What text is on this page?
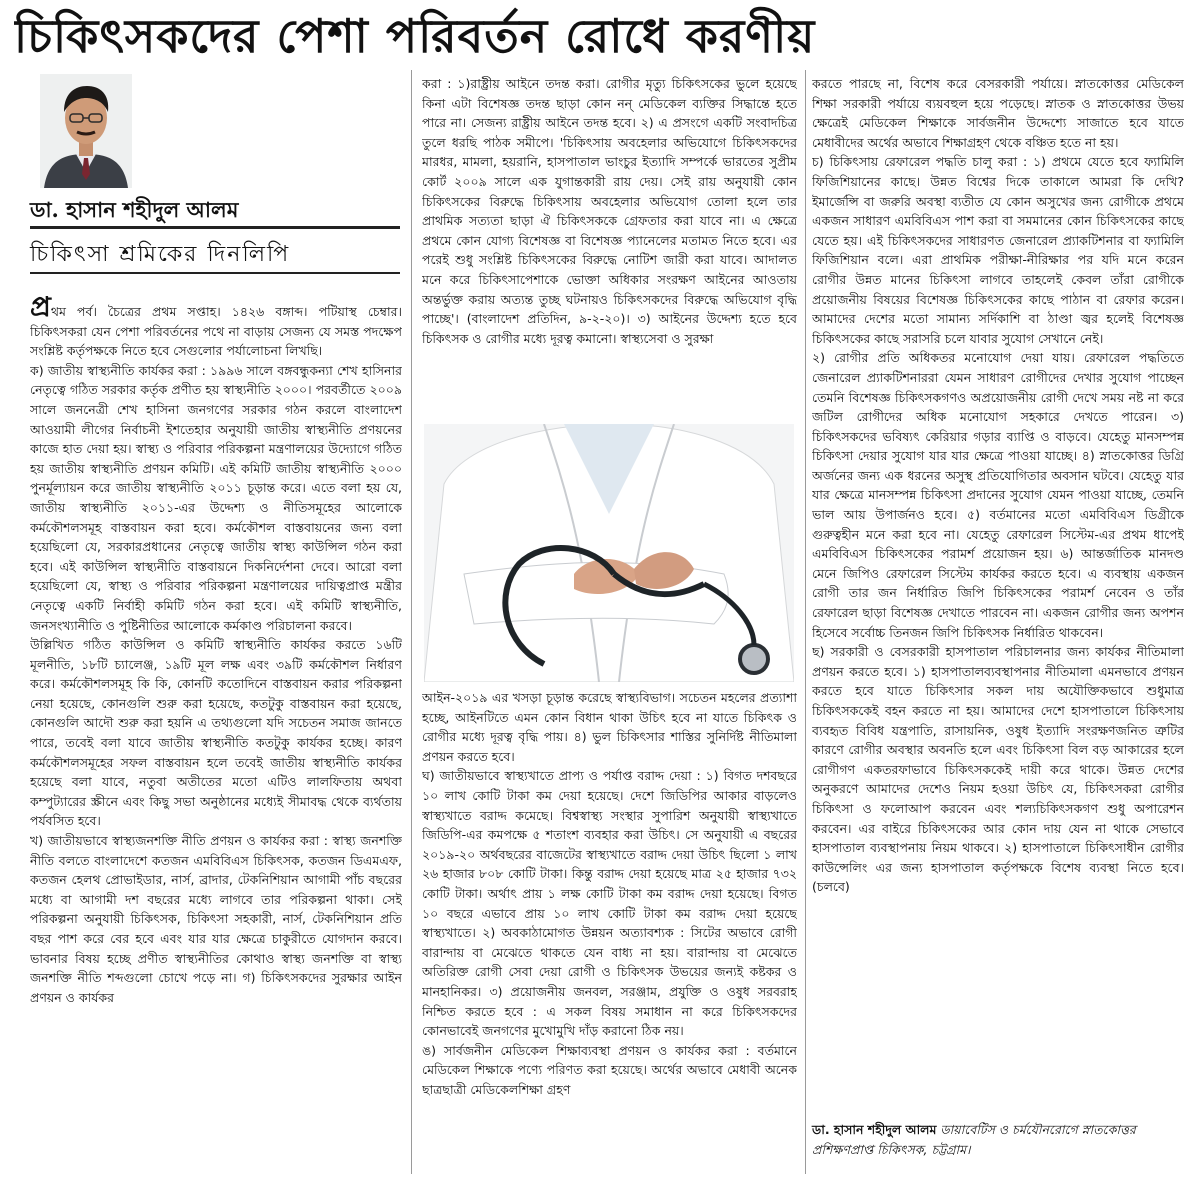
চিকিৎসকদের পেশা পরিবর্তন রোধে করণীয়
ডা. হাসান শহীদুল আলম
চিকিৎসা শ্রমিকের দিনলিপি

প্রথম পর্ব। চৈত্রের প্রথম সপ্তাহ। ১৪২৬ বঙ্গাব্দ। পটিয়াস্থ চেম্বার। চিকিৎসকরা যেন পেশা পরিবর্তনের পথে না বাড়ায় সেজন্য যে সমস্ত পদক্ষেপ সংশ্লিষ্ট কর্তৃপক্ষকে নিতে হবে সেগুলোর পর্যালোচনা লিখছি।

ক) জাতীয় স্বাস্থ্যনীতি কার্যকর করা : ১৯৯৬ সালে বঙ্গবন্ধুকন্যা শেখ হাসিনার নেতৃত্বে গঠিত সরকার কর্তৃক প্রণীত হয় স্বাস্থ্যনীতি ২০০০। পরবর্তীতে ২০০৯ সালে জননেত্রী শেখ হাসিনা জনগণের সরকার গঠন করলে বাংলাদেশ আওয়ামী লীগের নির্বাচনী ইশতেহার অনুযায়ী জাতীয় স্বাস্থ্যনীতি প্রণয়নের কাজে হাত দেয়া হয়। স্বাস্থ্য ও পরিবার পরিকল্পনা মন্ত্রণালয়ের উদ্যোগে গঠিত হয় জাতীয় স্বাস্থ্যনীতি প্রণয়ন কমিটি। এই কমিটি জাতীয় স্বাস্থ্যনীতি ২০০০ পুনর্মূল্যায়ন করে জাতীয় স্বাস্থ্যনীতি ২০১১ চূড়ান্ত করে। এতে বলা হয় যে, জাতীয় স্বাস্থ্যনীতি ২০১১-এর উদ্দেশ্য ও নীতিসমূহের আলোকে কর্মকৌশলসমূহ বাস্তবায়ন করা হবে। কর্মকৌশল বাস্তবায়নের জন্য বলা হয়েছিলো যে, সরকারপ্রধানের নেতৃত্বে জাতীয় স্বাস্থ্য কাউন্সিল গঠন করা হবে। এই কাউন্সিল স্বাস্থ্যনীতি বাস্তবায়নে দিকনির্দেশনা দেবে। আরো বলা হয়েছিলো যে, স্বাস্থ্য ও পরিবার পরিকল্পনা মন্ত্রণালয়ের দায়িত্বপ্রাপ্ত মন্ত্রীর নেতৃত্বে একটি নির্বাহী কমিটি গঠন করা হবে। এই কমিটি স্বাস্থ্যনীতি, জনসংখ্যানীতি ও পুষ্টিনীতির আলোকে কর্মকাণ্ড পরিচালনা করবে।

উল্লিখিত গঠিত কাউন্সিল ও কমিটি স্বাস্থ্যনীতি কার্যকর করতে ১৬টি মূলনীতি, ১৮টি চ্যালেঞ্জ, ১৯টি মূল লক্ষ এবং ৩৯টি কর্মকৌশল নির্ধারণ করে। কর্মকৌশলসমূহ কি কি, কোনটি কতোদিনে বাস্তবায়ন করার পরিকল্পনা নেয়া হয়েছে, কোনগুলি শুরু করা হয়েছে, কতটুকু বাস্তবায়ন করা হয়েছে, কোনগুলি আদৌ শুরু করা হয়নি এ তথ্যগুলো যদি সচেতন সমাজ জানতে পারে, তবেই বলা যাবে জাতীয় স্বাস্থ্যনীতি কতটুকু কার্যকর হচ্ছে। কারণ কর্মকৌশলসমূহের সফল বাস্তবায়ন হলে তবেই জাতীয় স্বাস্থ্যনীতি কার্যকর হয়েছে বলা যাবে, নতুবা অতীতের মতো এটিও লালফিতায় অথবা কম্পুট্যারের স্ক্রীনে এবং কিছু সভা অনুষ্ঠানের মধ্যেই সীমাবদ্ধ থেকে ব্যর্থতায় পর্যবসিত হবে।

খ) জাতীয়ভাবে স্বাস্থ্যজনশক্তি নীতি প্রণয়ন ও কার্যকর করা : স্বাস্থ্য জনশক্তি নীতি বলতে বাংলাদেশে কতজন এমবিবিএস চিকিৎসক, কতজন ডিএমএফ, কতজন হেলথ প্রোভাইডার, নার্স, ব্রাদার, টেকনিশিয়ান আগামী পাঁচ বছরের মধ্যে বা আগামী দশ বছরের মধ্যে লাগবে তার পরিকল্পনা থাকা। সেই পরিকল্পনা অনুযায়ী চিকিৎসক, চিকিৎসা সহকারী, নার্স, টেকনিশিয়ান প্রতি বছর পাশ করে বের হবে এবং যার যার ক্ষেত্রে চাকুরীতে যোগদান করবে। ভাবনার বিষয় হচ্ছে প্রণীত স্বাস্থ্যনীতির কোথাও স্বাস্থ্য জনশক্তি বা স্বাস্থ্য জনশক্তি নীতি শব্দগুলো চোখে পড়ে না। গ) চিকিৎসকদের সুরক্ষার আইন প্রণয়ন ও কার্যকর

করা : ১)রাষ্ট্রীয় আইনে তদন্ত করা। রোগীর মৃত্যু চিকিৎসকের ভুলে হয়েছে কিনা এটা বিশেষজ্ঞ তদন্ত ছাড়া কোন নন্ মেডিকেল ব্যক্তির সিদ্ধান্তে হতে পারে না। সেজন্য রাষ্ট্রীয় আইনে তদন্ত হবে। ২) এ প্রসংগে একটি সংবাদচিত্র তুলে ধরছি পাঠক সমীপে। 'চিকিৎসায় অবহেলার অভিযোগে চিকিৎসকদের মারধর, মামলা, হয়রানি, হাসপাতাল ভাংচুর ইত্যাদি সম্পর্কে ভারতের সুপ্রীম কোর্ট ২০০৯ সালে এক যুগান্তকারী রায় দেয়। সেই রায় অনুযায়ী কোন চিকিৎসকের বিরুদ্ধে চিকিৎসায় অবহেলার অভিযোগ তোলা হলে তার প্রাথমিক সত্যতা ছাড়া ঐ চিকিৎসককে গ্রেফতার করা যাবে না। এ ক্ষেত্রে প্রথমে কোন যোগ্য বিশেষজ্ঞ বা বিশেষজ্ঞ প্যানেলের মতামত নিতে হবে। এর পরেই শুধু সংশ্লিষ্ট চিকিৎসকের বিরুদ্ধে নোটিশ জারী করা যাবে। আদালত মনে করে চিকিৎসাপেশাকে ভোক্তা অধিকার সংরক্ষণ আইনের আওতায় অন্তর্ভুক্ত করায় অত্যন্ত তুচ্ছ ঘটনায়ও চিকিৎসকদের বিরুদ্ধে অভিযোগ বৃদ্ধি পাচ্ছে'। (বাংলাদেশ প্রতিদিন, ৯-২-২০)। ৩) আইনের উদ্দেশ্য হতে হবে চিকিৎসক ও রোগীর মধ্যে দূরত্ব কমানো। স্বাস্থ্যসেবা ও সুরক্ষা

আইন-২০১৯ এর খসড়া চূড়ান্ত করেছে স্বাস্থ্যবিভাগ। সচেতন মহলের প্রত্যাশা হচ্ছে, আইনটিতে এমন কোন বিধান থাকা উচিৎ হবে না যাতে চিকিৎক ও রোগীর মধ্যে দূরত্ব বৃদ্ধি পায়। ৪) ভুল চিকিৎসার শাস্তির সুনির্দিষ্ট নীতিমালা প্রণয়ন করতে হবে।

ঘ) জাতীয়ভাবে স্বাস্থ্যখাতে প্রাপ্য ও পর্যাপ্ত বরাদ্দ দেয়া : ১) বিগত দশবছরে ১০ লাখ কোটি টাকা কম দেয়া হয়েছে। দেশে জিডিপির আকার বাড়লেও স্বাস্থ্যখাতে বরাদ্দ কমেছে। বিশ্বস্বাস্থ্য সংস্থার সুপারিশ অনুযায়ী স্বাস্থ্যখাতে জিডিপি-এর কমপক্ষে ৫ শতাংশ ব্যবহার করা উচিৎ। সে অনুযায়ী এ বছরের ২০১৯-২০ অর্থবছরের বাজেটের স্বাস্থ্যখাতে বরাদ্দ দেয়া উচিৎ ছিলো ১ লাখ ২৬ হাজার ৮০৮ কোটি টাকা। কিন্তু বরাদ্দ দেয়া হয়েছে মাত্র ২৫ হাজার ৭৩২ কোটি টাকা। অর্থাৎ প্রায় ১ লক্ষ কোটি টাকা কম বরাদ্দ দেয়া হয়েছে। বিগত ১০ বছরে এভাবে প্রায় ১০ লাখ কোটি টাকা কম বরাদ্দ দেয়া হয়েছে স্বাস্থ্যখাতে। ২) অবকাঠামোগত উন্নয়ন অত্যাবশ্যক : সিটের অভাবে রোগী বারান্দায় বা মেঝেতে থাকতে যেন বাধ্য না হয়। বারান্দায় বা মেঝেতে অতিরিক্ত রোগী সেবা দেয়া রোগী ও চিকিৎসক উভয়ের জন্যই কষ্টকর ও মানহানিকর। ৩) প্রয়োজনীয় জনবল, সরঞ্জাম, প্রযুক্তি ও ওষুধ সরবরাহ নিশ্চিত করতে হবে : এ সকল বিষয় সমাধান না করে চিকিৎসকদের কোনভাবেই জনগণের মুখোমুখি দাঁড় করানো ঠিক নয়।

ঙ) সার্বজনীন মেডিকেল শিক্ষাব্যবস্থা প্রণয়ন ও কার্যকর করা : বর্তমানে মেডিকেল শিক্ষাকে পণ্যে পরিণত করা হয়েছে। অর্থের অভাবে মেধাবী অনেক ছাত্রছাত্রী মেডিকেলশিক্ষা গ্রহণ

করতে পারছে না, বিশেষ করে বেসরকারী পর্যায়ে। স্নাতকোত্তর মেডিকেল শিক্ষা সরকারী পর্যায়ে ব্যয়বহুল হয়ে পড়েছে। স্নাতক ও স্নাতকোত্তর উভয় ক্ষেত্রেই মেডিকেল শিক্ষাকে সার্বজনীন উদ্দেশ্যে সাজাতে হবে যাতে মেধাবীদের অর্থের অভাবে শিক্ষাগ্রহণ থেকে বঞ্চিত হতে না হয়।

চ) চিকিৎসায় রেফারেল পদ্ধতি চালু করা : ১) প্রথমে যেতে হবে ফ্যামিলি ফিজিশিয়ানের কাছে। উন্নত বিশ্বের দিকে তাকালে আমরা কি দেখি? ইমার্জেন্সি বা জরুরি অবস্থা ব্যতীত যে কোন অসুখের জন্য রোগীকে প্রথমে একজন সাধারণ এমবিবিএস পাশ করা বা সমমানের কোন চিকিৎসকের কাছে যেতে হয়। এই চিকিৎসকদের সাধারণত জেনারেল প্র্যাকটিশনার বা ফ্যামিলি ফিজিশিয়ান বলে। এরা প্রাথমিক পরীক্ষা-নীরিক্ষার পর যদি মনে করেন রোগীর উন্নত মানের চিকিৎসা লাগবে তাহলেই কেবল তাঁরা রোগীকে প্রয়োজনীয় বিষয়ের বিশেষজ্ঞ চিকিৎসকের কাছে পাঠান বা রেফার করেন। আমাদের দেশের মতো সামান্য সর্দিকাশি বা ঠাণ্ডা জ্বর হলেই বিশেষজ্ঞ চিকিৎসকের কাছে সরাসরি চলে যাবার সুযোগ সেখানে নেই।

২) রোগীর প্রতি অধিকতর মনোযোগ দেয়া যায়। রেফারেল পদ্ধতিতে জেনারেল প্র্যাকটিশনাররা যেমন সাধারণ রোগীদের দেখার সুযোগ পাচ্ছেন তেমনি বিশেষজ্ঞ চিকিৎসকগণও অপ্রয়োজনীয় রোগী দেখে সময় নষ্ট না করে জটিল রোগীদের অধিক মনোযোগ সহকারে দেখতে পারেন। ৩) চিকিৎসকদের ভবিষ্যৎ কেরিয়ার গড়ার ব্যাপ্তি ও বাড়বে। যেহেতু মানসম্পন্ন চিকিৎসা দেয়ার সুযোগ যার যার ক্ষেত্রে পাওয়া যাচ্ছে। ৪) স্নাতকোত্তর ডিগ্রি অর্জনের জন্য এক ধরনের অসুস্থ প্রতিযোগিতার অবসান ঘটবে। যেহেতু যার যার ক্ষেত্রে মানসম্পন্ন চিকিৎসা প্রদানের সুযোগ যেমন পাওয়া যাচ্ছে, তেমনি ভাল আয় উপার্জনও হবে। ৫) বর্তমানের মতো এমবিবিএস ডিগ্রীকে গুরুত্বহীন মনে করা হবে না। যেহেতু রেফারেল সিস্টেম-এর প্রথম ধাপেই এমবিবিএস চিকিৎসকের পরামর্শ প্রয়োজন হয়। ৬) আন্তর্জাতিক মানদণ্ড মেনে জিপিও রেফারেল সিস্টেম কার্যকর করতে হবে। এ ব্যবস্থায় একজন রোগী তার জন নির্ধারিত জিপি চিকিৎসকের পরামর্শ নেবেন ও তাঁর রেফারেল ছাড়া বিশেষজ্ঞ দেখাতে পারবেন না। একজন রোগীর জন্য অপশন হিসেবে সর্বোচ্চ তিনজন জিপি চিকিৎসক নির্ধারিত থাকবেন।

ছ) সরকারী ও বেসরকারী হাসপাতাল পরিচালনার জন্য কার্যকর নীতিমালা প্রণয়ন করতে হবে। ১) হাসপাতালব্যবস্থাপনার নীতিমালা এমনভাবে প্রণয়ন করতে হবে যাতে চিকিৎসার সকল দায় অযৌক্তিকভাবে শুধুমাত্র চিকিৎসককেই বহন করতে না হয়। আমাদের দেশে হাসপাতালে চিকিৎসায় ব্যবহৃত বিবিধ যন্ত্রপাতি, রাসায়নিক, ওষুধ ইত্যাদি সংরক্ষণজনিত ত্রুটির কারণে রোগীর অবস্থার অবনতি হলে এবং চিকিৎসা বিল বড় আকারের হলে রোগীগণ একতরফাভাবে চিকিৎসককেই দায়ী করে থাকে। উন্নত দেশের অনুকরণে আমাদের দেশেও নিয়ম হওয়া উচিৎ যে, চিকিৎসকরা রোগীর চিকিৎসা ও ফলোআপ করবেন এবং শল্যচিকিৎসকগণ শুধু অপারেশন করবেন। এর বাইরে চিকিৎসকের আর কোন দায় যেন না থাকে সেভাবে হাসপাতাল ব্যবস্থাপনায় নিয়ম থাকবে। ২) হাসপাতালে চিকিৎসাধীন রোগীর কাউন্সেলিং এর জন্য হাসপাতাল কর্তৃপক্ষকে বিশেষ ব্যবস্থা নিতে হবে। (চলবে)

ডা. হাসান শহীদুল আলম ডায়াবেটিস ও চর্মযৌনরোগে স্নাতকোত্তর প্রশিক্ষণপ্রাপ্ত চিকিৎসক, চট্টগ্রাম।
